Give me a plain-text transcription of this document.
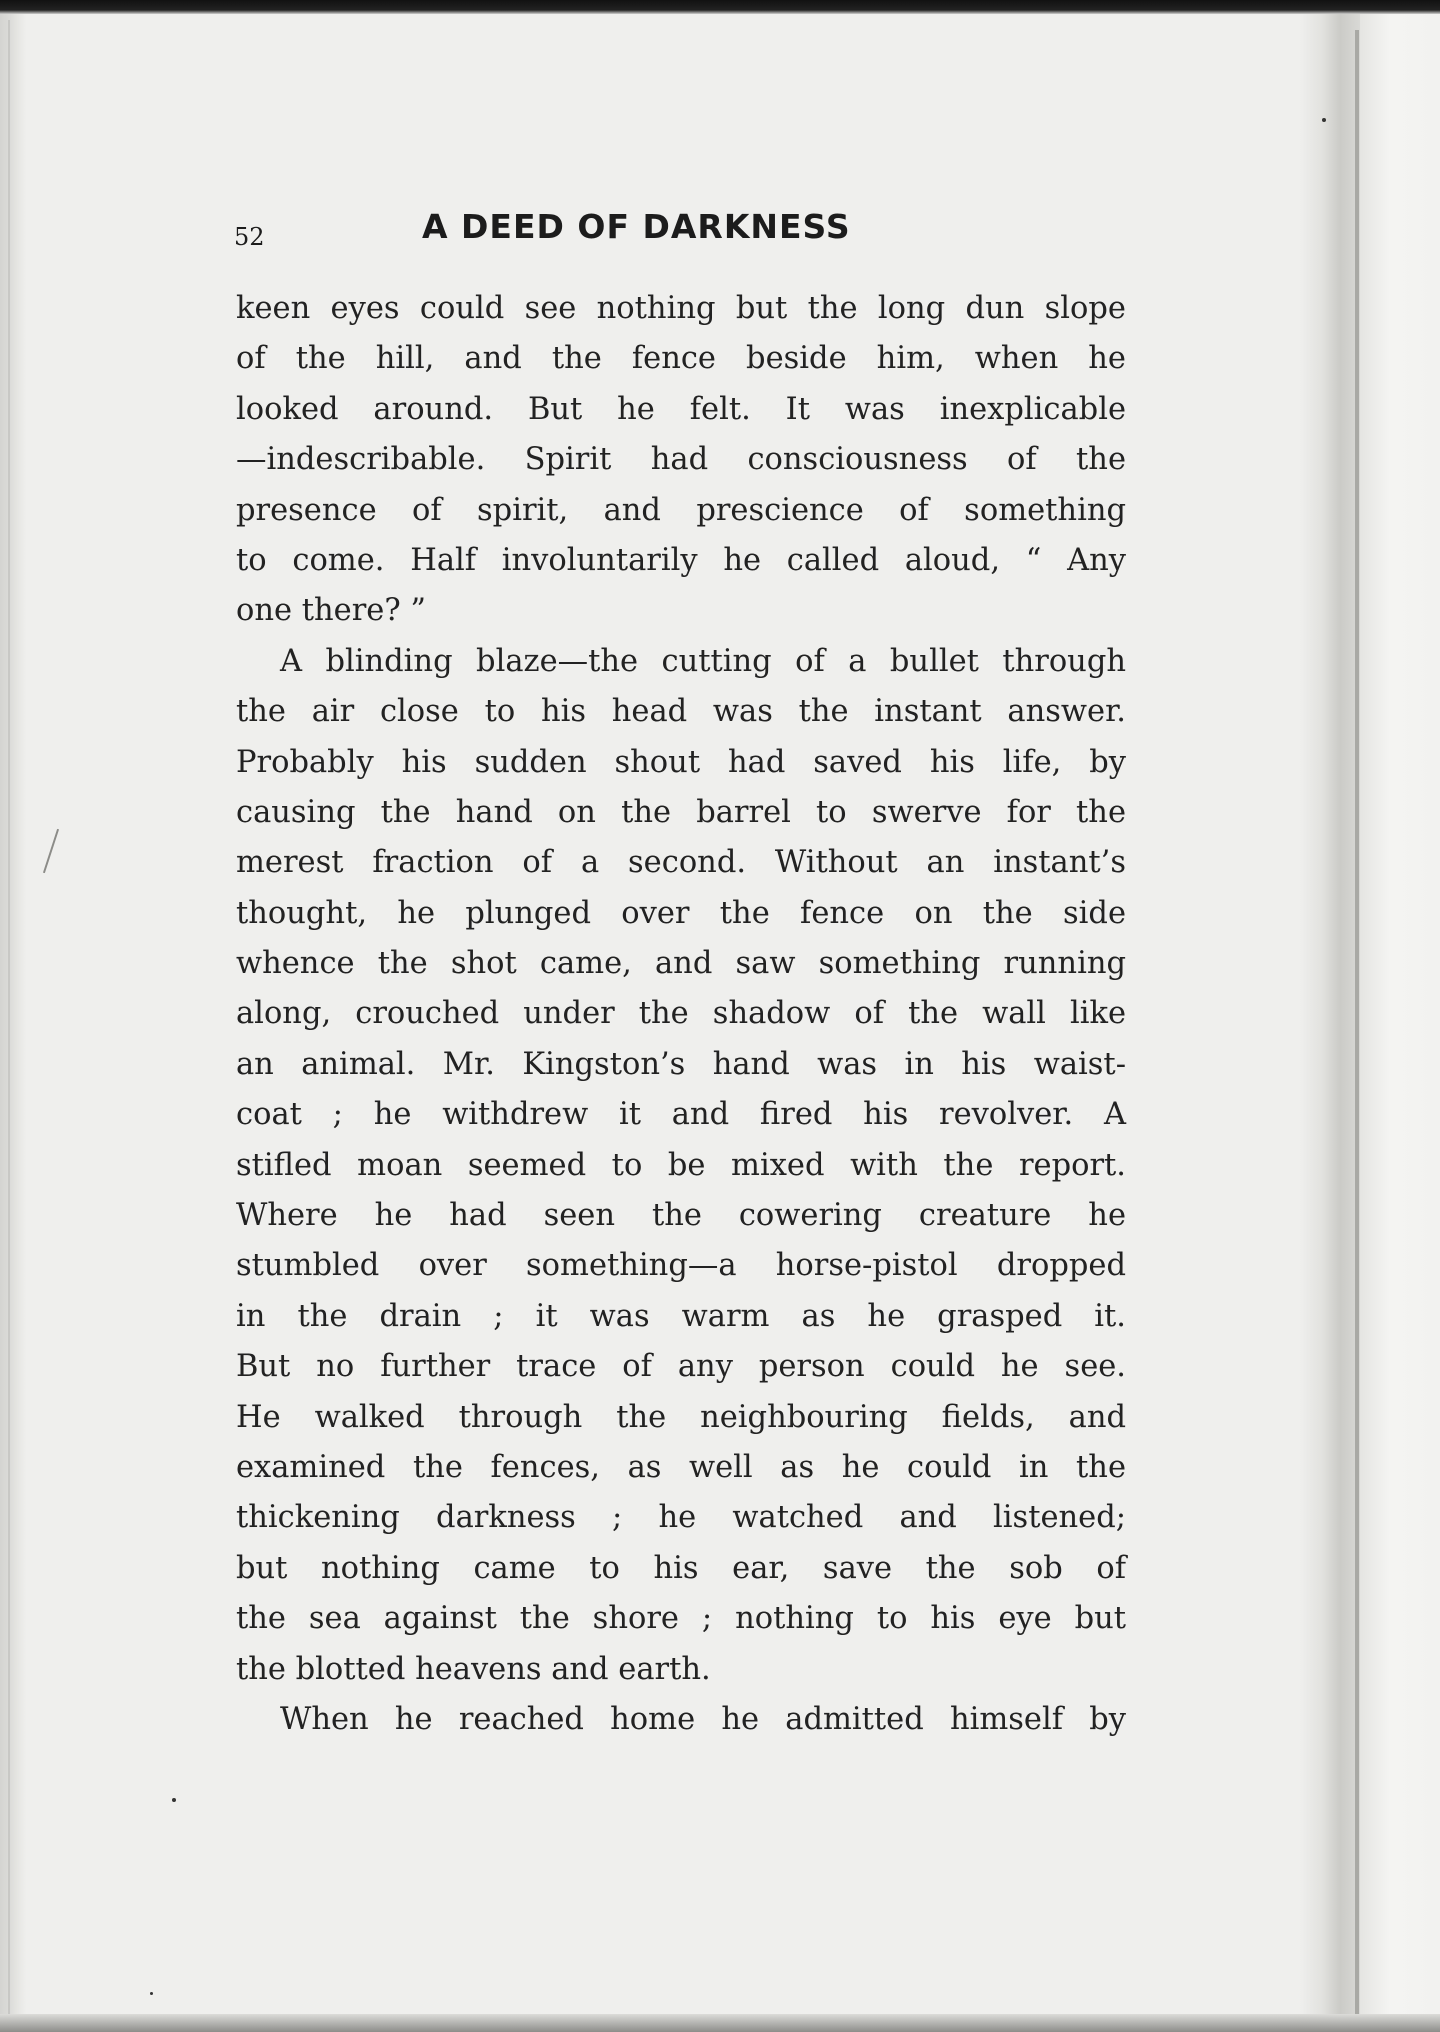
52	A DEED OF DARKNESS
keen eyes could see nothing but the long dun slope
of the hill, and the fence beside him, when he
looked around. But he felt. It was inexplicable
—indescribable. Spirit had consciousness of the
presence of spirit, and prescience of something
to come. Half involuntarily he called aloud, “ Any
one there? ”
A blinding blaze—the cutting of a bullet through
the air close to his head was the instant answer.
Probably his sudden shout had saved his life, by
causing the hand on the barrel to swerve for the
merest fraction of a second. Without an instant’s
thought, he plunged over the fence on the side
whence the shot came, and saw something running
along, crouched under the shadow of the wall like
an animal. Mr. Kingston’s hand was in his waist-
coat ; he withdrew it and fired his revolver. A
stifled moan seemed to be mixed with the report.
Where he had seen the cowering creature he
stumbled over something—a horse-pistol dropped
in the drain ; it was warm as he grasped it.
But no further trace of any person could he see.
He walked through the neighbouring fields, and
examined the fences, as well as he could in the
thickening darkness ; he watched and listened;
but nothing came to his ear, save the sob of
the sea against the shore ; nothing to his eye but
the blotted heavens and earth.
When he reached home he admitted himself by
